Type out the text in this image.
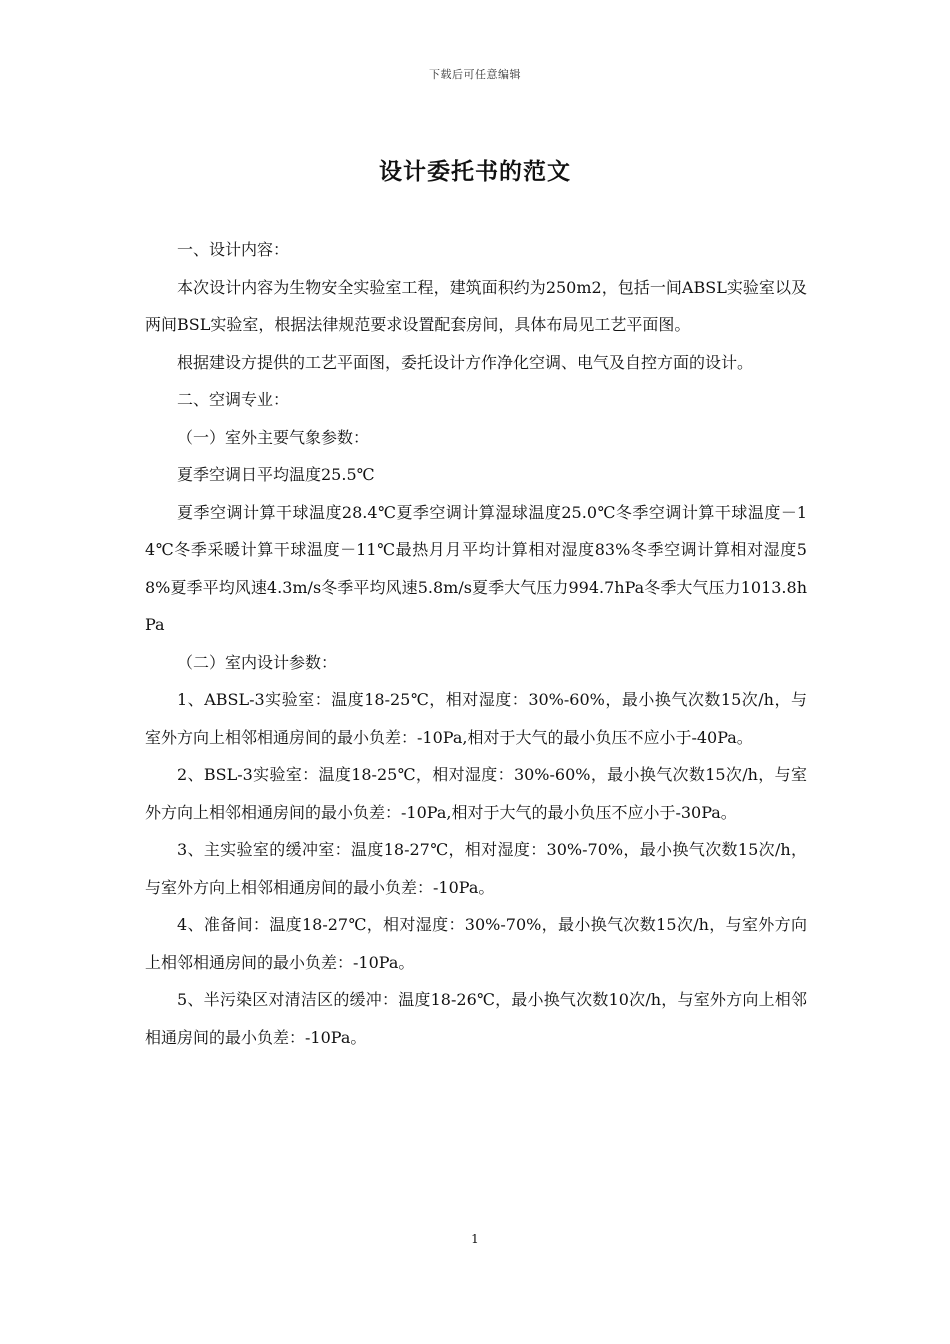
下载后可任意编辑
设计委托书的范文

一、设计内容：

本次设计内容为生物安全实验室工程，建筑面积约为250m2，包括一间ABSL实验室以及两间BSL实验室，根据法律规范要求设置配套房间，具体布局见工艺平面图。

根据建设方提供的工艺平面图，委托设计方作净化空调、电气及自控方面的设计。

二、空调专业：

（一）室外主要气象参数：

夏季空调日平均温度25.5℃

夏季空调计算干球温度28.4℃夏季空调计算湿球温度25.0℃冬季空调计算干球温度－14℃冬季采暖计算干球温度－11℃最热月月平均计算相对湿度83%冬季空调计算相对湿度58%夏季平均风速4.3m/s冬季平均风速5.8m/s夏季大气压力994.7hPa冬季大气压力1013.8hPa

（二）室内设计参数：

1、ABSL-3实验室：温度18-25℃，相对湿度：30%-60%，最小换气次数15次/h，与室外方向上相邻相通房间的最小负差：-10Pa,相对于大气的最小负压不应小于-40Pa。

2、BSL-3实验室：温度18-25℃，相对湿度：30%-60%，最小换气次数15次/h，与室外方向上相邻相通房间的最小负差：-10Pa,相对于大气的最小负压不应小于-30Pa。

3、主实验室的缓冲室：温度18-27℃，相对湿度：30%-70%，最小换气次数15次/h，与室外方向上相邻相通房间的最小负差：-10Pa。

4、准备间：温度18-27℃，相对湿度：30%-70%，最小换气次数15次/h，与室外方向上相邻相通房间的最小负差：-10Pa。

5、半污染区对清洁区的缓冲：温度18-26℃，最小换气次数10次/h，与室外方向上相邻相通房间的最小负差：-10Pa。

1
